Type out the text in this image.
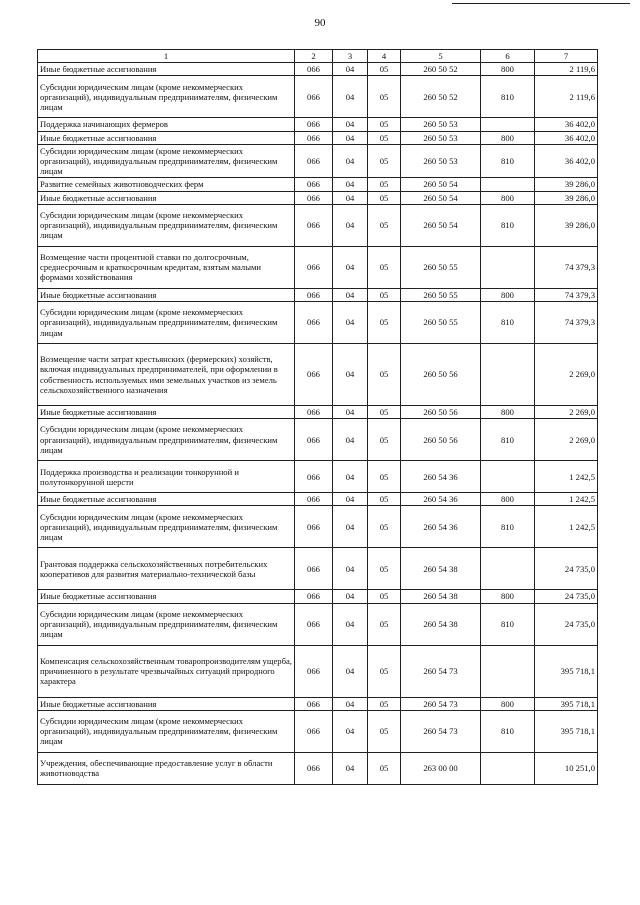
90
1	2	3	4	5	6	7
Иные бюджетные ассигнования	066	04	05	260 50 52	800	2 119,6
Субсидии юридическим лицам (кроме некоммерческих организаций), индивидуальным предпринимателям, физическим лицам	066	04	05	260 50 52	810	2 119,6
Поддержка начинающих фермеров	066	04	05	260 50 53		36 402,0
Иные бюджетные ассигнования	066	04	05	260 50 53	800	36 402,0
Субсидии юридическим лицам (кроме некоммерческих организаций), индивидуальным предпринимателям, физическим лицам	066	04	05	260 50 53	810	36 402,0
Развитие семейных животноводческих ферм	066	04	05	260 50 54		39 286,0
Иные бюджетные ассигнования	066	04	05	260 50 54	800	39 286,0
Субсидии юридическим лицам (кроме некоммерческих организаций), индивидуальным предпринимателям, физическим лицам	066	04	05	260 50 54	810	39 286,0
Возмещение части процентной ставки по долгосрочным, среднесрочным и краткосрочным кредитам, взятым малыми формами хозяйствования	066	04	05	260 50 55		74 379,3
Иные бюджетные ассигнования	066	04	05	260 50 55	800	74 379,3
Субсидии юридическим лицам (кроме некоммерческих организаций), индивидуальным предпринимателям, физическим лицам	066	04	05	260 50 55	810	74 379,3
Возмещение части затрат крестьянских (фермерских) хозяйств, включая индивидуальных предпринимателей, при оформлении в собственность используемых ими земельных участков из земель сельскохозяйственного назначения	066	04	05	260 50 56		2 269,0
Иные бюджетные ассигнования	066	04	05	260 50 56	800	2 269,0
Субсидии юридическим лицам (кроме некоммерческих организаций), индивидуальным предпринимателям, физическим лицам	066	04	05	260 50 56	810	2 269,0
Поддержка производства и реализации тонкорунной и полутонкорунной шерсти	066	04	05	260 54 36		1 242,5
Иные бюджетные ассигнования	066	04	05	260 54 36	800	1 242,5
Субсидии юридическим лицам (кроме некоммерческих организаций), индивидуальным предпринимателям, физическим лицам	066	04	05	260 54 36	810	1 242,5
Грантовая поддержка сельскохозяйственных потребительских кооперативов для развития материально-технической базы	066	04	05	260 54 38		24 735,0
Иные бюджетные ассигнования	066	04	05	260 54 38	800	24 735,0
Субсидии юридическим лицам (кроме некоммерческих организаций), индивидуальным предпринимателям, физическим лицам	066	04	05	260 54 38	810	24 735,0
Компенсация сельскохозяйственным товаропроизводителям ущерба, причиненного в результате чрезвычайных ситуаций природного характера	066	04	05	260 54 73		395 718,1
Иные бюджетные ассигнования	066	04	05	260 54 73	800	395 718,1
Субсидии юридическим лицам (кроме некоммерческих организаций), индивидуальным предпринимателям, физическим лицам	066	04	05	260 54 73	810	395 718,1
Учреждения, обеспечивающие предоставление услуг в области животноводства	066	04	05	263 00 00		10 251,0
